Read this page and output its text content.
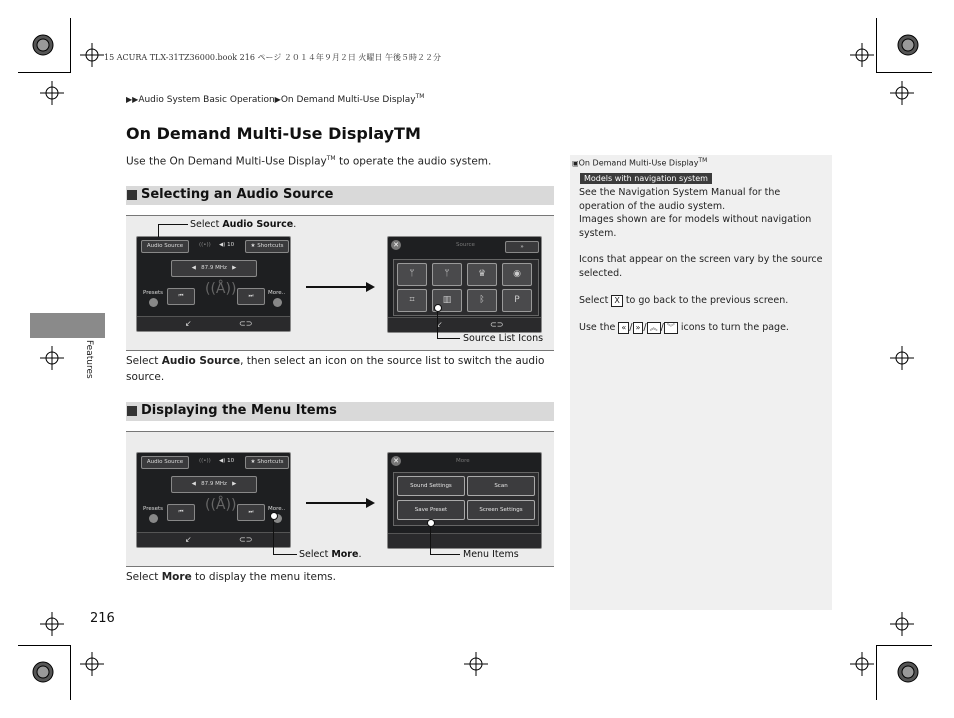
15 ACURA TLX-31TZ36000.book 216 ページ ２０１４年９月２日 火曜日 午後５時２２分
▶▶Audio System Basic Operation▶On Demand Multi-Use Display™
On Demand Multi-Use DisplayTM
Use the On Demand Multi-Use Display™ to operate the audio system.
Selecting an Audio Source
Audio Source	((•)) ◀) 10	★ Shortcuts
◀ 87.9 MHz ▶
Presets	⏮	((Å))	⏭	More..
↙	⊂⊃
✕	Source	»
ᛘ	ᛘ	♛	◉
⌗	▥	ᛒ	P
↙	⊂⊃
Select Audio Source.
Source List Icons
Select Audio Source, then select an icon on the source list to switch the audio source.
Displaying the Menu Items
Audio Source	((•)) ◀) 10	★ Shortcuts
◀ 87.9 MHz ▶
Presets	⏮	((Å))	⏭	More..
↙	⊂⊃
✕	More
Sound Settings	Scan
Save Preset	Screen Settings
Select More.	Menu Items
Select More to display the menu items.
▣On Demand Multi-Use Display™
Models with navigation system
See the Navigation System Manual for the operation of the audio system.
Images shown are for models without navigation system.
Icons that appear on the screen vary by the source selected.
Select X to go back to the previous screen.
Use the « / » / ︽ / ︾ icons to turn the page.
Features
216
